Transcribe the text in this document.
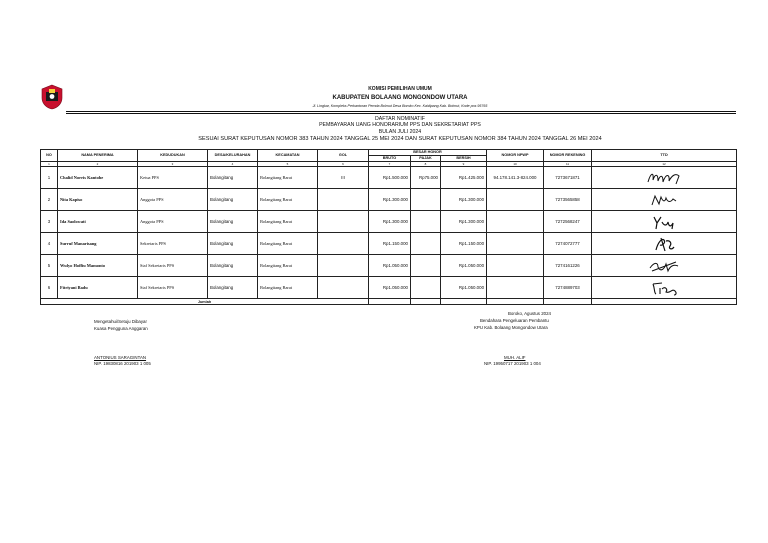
KOMISI PEMILIHAN UMUM
KABUPATEN BOLAANG MONGONDOW UTARA
Jl. Lingkar, Kompleks Perkantoran Pemda Bolmut Desa Boroko Kec. Kaidipang Kab. Bolmut, Kode pos 95765
DAFTAR NOMINATIF
PEMBAYARAN UANG HONORARIUM PPS DAN SEKRETARIAT PPS
BULAN JULI 2024
SESUAI SURAT KEPUTUSAN NOMOR 383 TAHUN 2024 TANGGAL 25 MEI 2024 DAN SURAT KEPUTUSAN NOMOR 384 TAHUN 2024 TANGGAL 26 MEI 2024
NO	NAMA PENERIMA	KEDUDUKAN	DESA/KELURAHAN	KECAMATAN	GOL	BESAR HONOR			NOMOR NPWP	NOMOR REKENING	TTD
						BRUTO	PAJAK	BERSIH			
1	2	3	4	5	6	7	8	9	10	11	12
1	Chalid Norris Kantohe	Ketua PPS	Bolangitang	Bolangitang Barat	III	Rp1.500.000	Rp75.000	Rp1.425.000	94.178.141.3-824.000	7273671871	

2	Nita Kapiso	Anggota PPS	Bolangitang	Bolangitang Barat		Rp1.300.000		Rp1.300.000		7273565858	

3	Ida Saolowati	Anggota PPS	Bolangitang	Bolangitang Barat		Rp1.300.000		Rp1.300.000		7272568247	

4	Surruf Manarisang	Sekretaris PPS	Bolangitang	Bolangitang Barat		Rp1.150.000		Rp1.150.000		7274072777	

5	Wulyo Hoffiu Mamonto	Staf Sekretaris PPS	Bolangitang	Bolangitang Barat		Rp1.050.000		Rp1.050.000		7274161226	

6	Fitriyani Badu	Staf Sekretaris PPS	Bolangitang	Bolangitang Barat		Rp1.050.000		Rp1.050.000		7274889703	

Jumlah											
Mengetahui/Setuju Dibayar
Kuasa Pengguna Anggaran
ANTONIUS SARAGINTAN
NIP. 19830816 201903 1 005
Boroko, Agustus 2024
Bendahara Pengeluaran Pembantu
KPU Kab. Bolaang Mongondow Utara
MUH. ALIF
NIP. 19950717 201903 1 004
